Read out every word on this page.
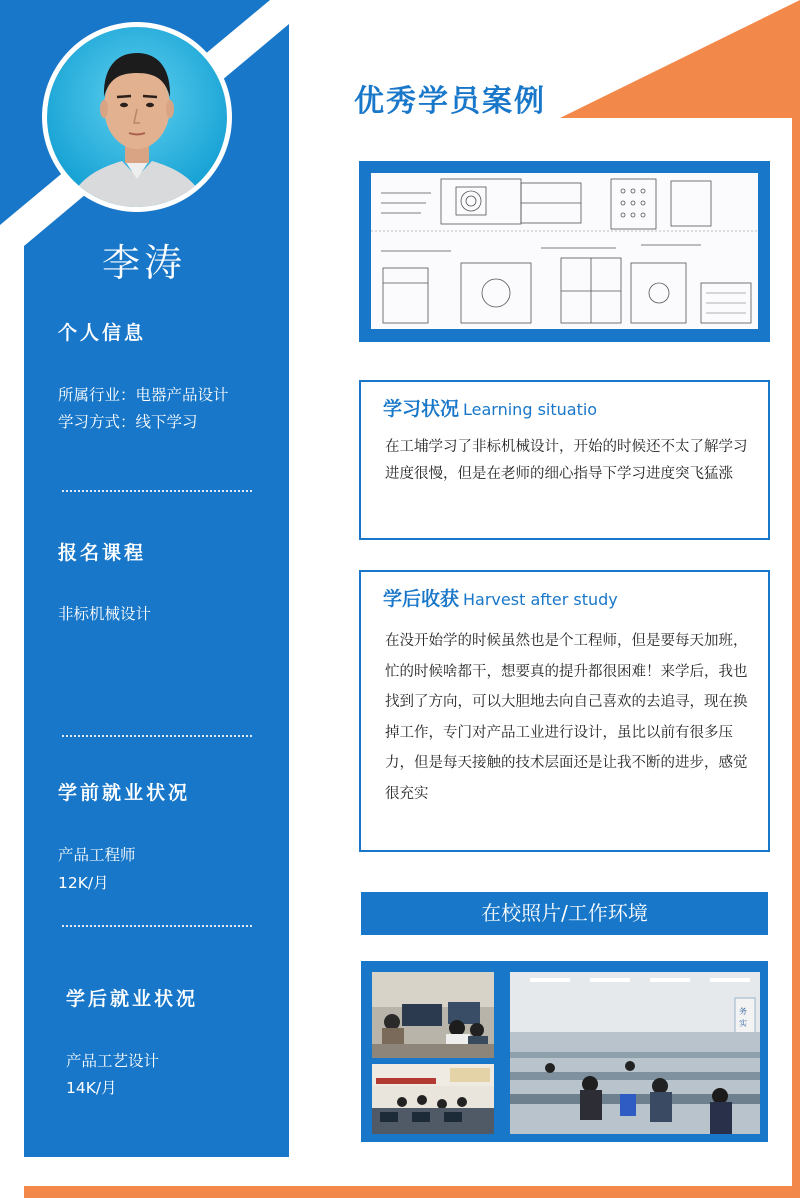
李涛
个人信息
所属行业：电器产品设计
学习方式：线下学习
报名课程
非标机械设计
学前就业状况
产品工程师
12K/月
学后就业状况
产品工艺设计
14K/月
优秀学员案例
学习状况 Learning situatio
在工埔学习了非标机械设计，开始的时候还不太了解学习进度很慢，但是在老师的细心指导下学习进度突飞猛涨
学后收获 Harvest after study
在没开始学的时候虽然也是个工程师，但是要每天加班，忙的时候啥都干，想要真的提升都很困难！来学后，我也找到了方向，可以大胆地去向自己喜欢的去追寻，现在换掉工作，专门对产品工业进行设计，虽比以前有很多压力，但是每天接触的技术层面还是让我不断的进步，感觉很充实
在校照片/工作环境
务
实
